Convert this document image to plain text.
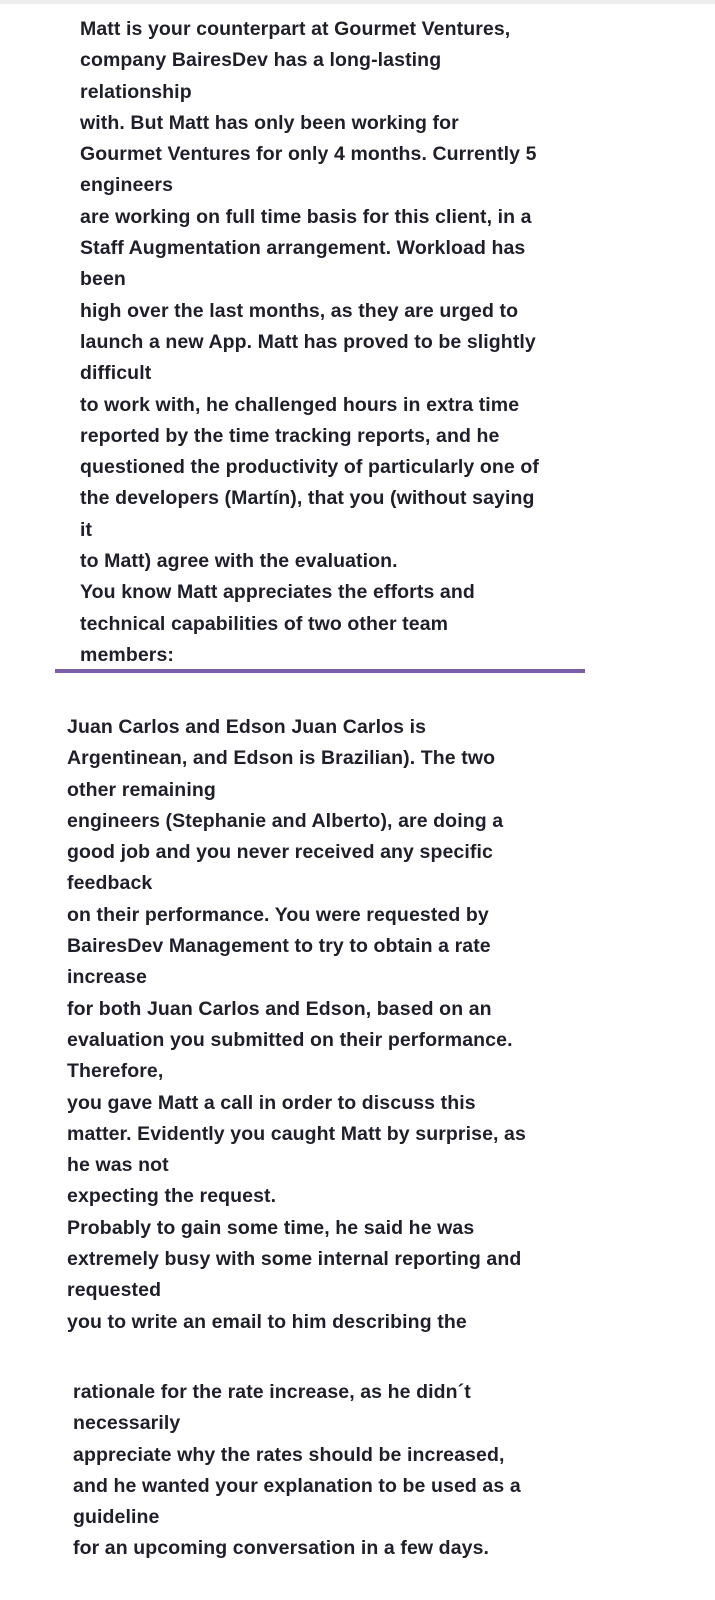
Matt is your counterpart at Gourmet Ventures,
company BairesDev has a long-lasting
relationship
with. But Matt has only been working for
Gourmet Ventures for only 4 months. Currently 5
engineers
are working on full time basis for this client, in a
Staff Augmentation arrangement. Workload has
been
high over the last months, as they are urged to
launch a new App. Matt has proved to be slightly
difficult
to work with, he challenged hours in extra time
reported by the time tracking reports, and he
questioned the productivity of particularly one of
the developers (Martín), that you (without saying
it
to Matt) agree with the evaluation.
You know Matt appreciates the efforts and
technical capabilities of two other team
members:
Juan Carlos and Edson Juan Carlos is
Argentinean, and Edson is Brazilian). The two
other remaining
engineers (Stephanie and Alberto), are doing a
good job and you never received any specific
feedback
on their performance. You were requested by
BairesDev Management to try to obtain a rate
increase
for both Juan Carlos and Edson, based on an
evaluation you submitted on their performance.
Therefore,
you gave Matt a call in order to discuss this
matter. Evidently you caught Matt by surprise, as
he was not
expecting the request.
Probably to gain some time, he said he was
extremely busy with some internal reporting and
requested
you to write an email to him describing the
rationale for the rate increase, as he didn´t
necessarily
appreciate why the rates should be increased,
and he wanted your explanation to be used as a
guideline
for an upcoming conversation in a few days.
